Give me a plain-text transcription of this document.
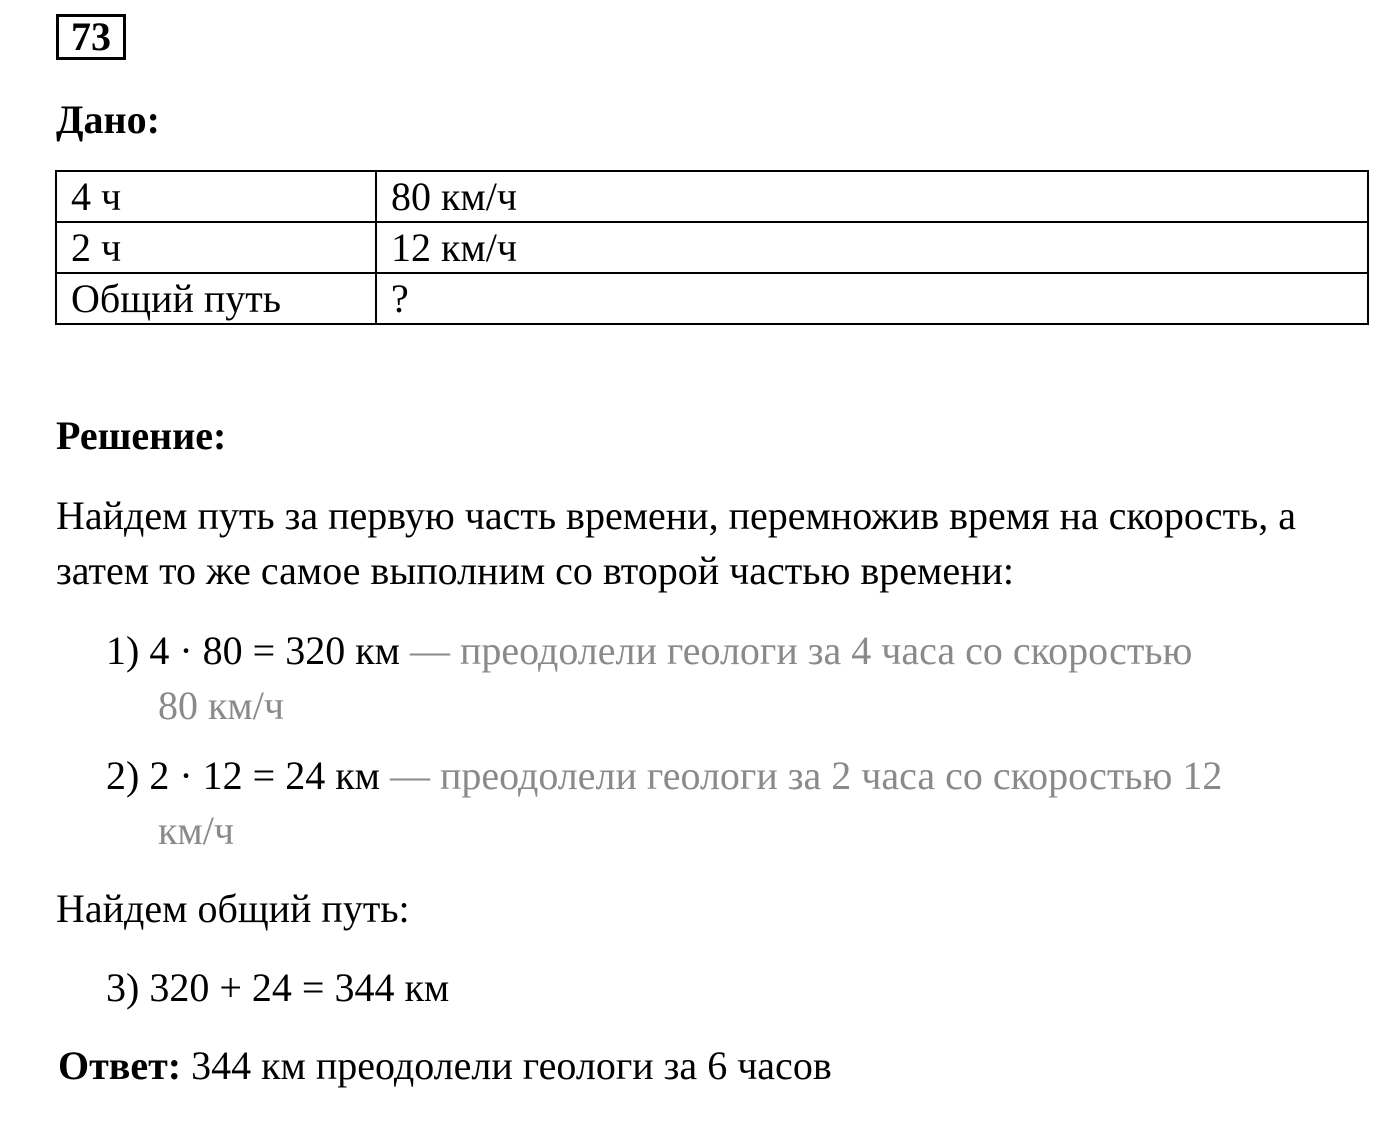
73
Дано:
4 ч	80 км/ч
2 ч	12 км/ч
Общий путь	?
Решение:

Найдем путь за первую часть времени, перемножив время на скорость, а затем то же самое выполним со второй частью времени:

1) 4 · 80 = 320 км — преодолели геологи за 4 часа со скоростью
80 км/ч
2) 2 · 12 = 24 км — преодолели геологи за 2 часа со скоростью 12
км/ч

Найдем общий путь:

3) 320 + 24 = 344 км
Ответ: 344 км преодолели геологи за 6 часов
